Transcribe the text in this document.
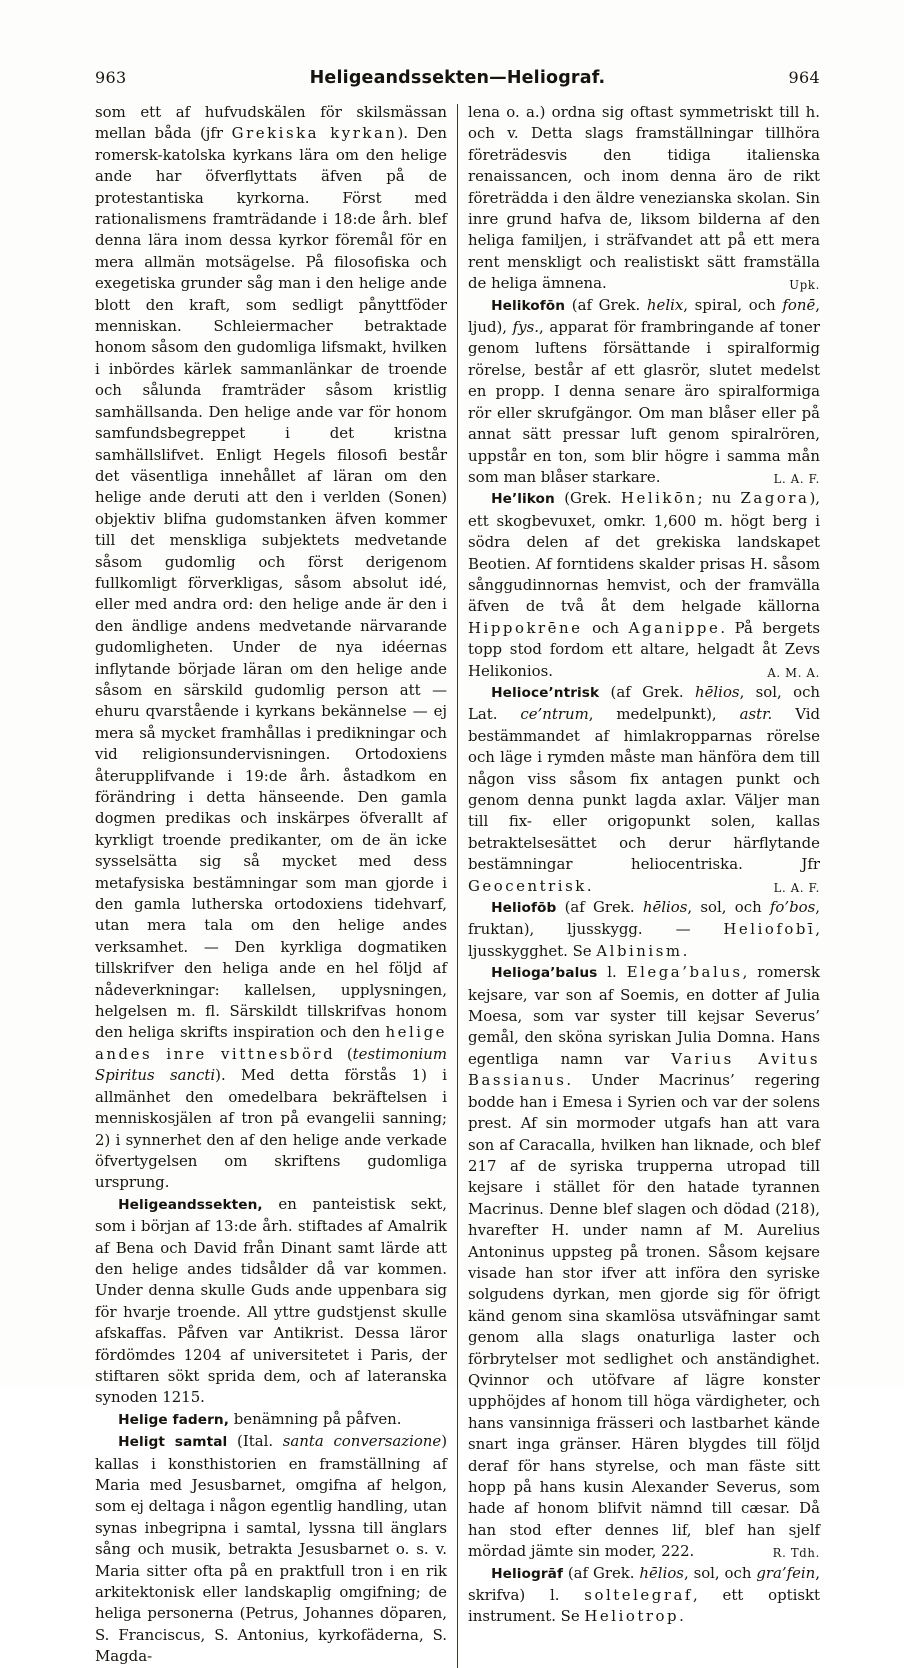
963	Heligeandssekten—Heliograf.	964

som ett af hufvudskälen för skilsmässan mellan båda (jfr Grekiska kyrkan). Den romersk-katolska kyrkans lära om den helige ande har öfverflyttats äfven på de protestantiska kyrkorna. Först med rationalismens framträdande i 18:de årh. blef denna lära inom dessa kyrkor föremål för en mera allmän motsägelse. På filosofiska och exegetiska grunder såg man i den helige ande blott den kraft, som sedligt pånyttföder menniskan. Schleiermacher betraktade honom såsom den gudomliga lifsmakt, hvilken i inbördes kärlek sammanlänkar de troende och sålunda framträder såsom kristlig samhällsanda. Den helige ande var för honom samfundsbegreppet i det kristna samhällslifvet. Enligt Hegels filosofi består det väsentliga innehållet af läran om den helige ande deruti att den i verlden (Sonen) objektiv blifna gudomstanken äfven kommer till det menskliga subjektets medvetande såsom gudomlig och först derigenom fullkomligt förverkligas, såsom absolut idé, eller med andra ord: den helige ande är den i den ändlige andens medvetande närvarande gudomligheten. Under de nya idéernas inflytande började läran om den helige ande såsom en särskild gudomlig person att — ehuru qvarstående i kyrkans bekännelse — ej mera så mycket framhållas i predikningar och vid religionsundervisningen. Ortodoxiens återupplifvande i 19:de årh. åstadkom en förändring i detta hänseende. Den gamla dogmen predikas och inskärpes öfverallt af kyrkligt troende predikanter, om de än icke sysselsätta sig så mycket med dess metafysiska bestämningar som man gjorde i den gamla lutherska ortodoxiens tidehvarf, utan mera tala om den helige andes verksamhet. — Den kyrkliga dogmatiken tillskrifver den heliga ande en hel följd af nådeverkningar: kallelsen, upplysningen, helgelsen m. fl. Särskildt tillskrifvas honom den heliga skrifts inspiration och den helige andes inre vittnesbörd (testimonium Spiritus sancti). Med detta förstås 1) i allmänhet den omedelbara bekräftelsen i menniskosjälen af tron på evangelii sanning; 2) i synnerhet den af den helige ande verkade öfvertygelsen om skriftens gudomliga ursprung.

Heligeandssekten, en panteistisk sekt, som i början af 13:de årh. stiftades af Amalrik af Bena och David från Dinant samt lärde att den helige andes tidsålder då var kommen. Under denna skulle Guds ande uppenbara sig för hvarje troende. All yttre gudstjenst skulle afskaffas. Påfven var Antikrist. Dessa läror fördömdes 1204 af universitetet i Paris, der stiftaren sökt sprida dem, och af lateranska synoden 1215.

Helige fadern, benämning på påfven.

Heligt samtal (Ital. santa conversazione) kallas i konsthistorien en framställning af Maria med Jesusbarnet, omgifna af helgon, som ej deltaga i någon egentlig handling, utan synas inbegripna i samtal, lyssna till änglars sång och musik, betrakta Jesusbarnet o. s. v. Maria sitter ofta på en praktfull tron i en rik arkitektonisk eller landskaplig omgifning; de heliga personerna (Petrus, Johannes döparen, S. Franciscus, S. Antonius, kyrkofäderna, S. Magda-

lena o. a.) ordna sig oftast symmetriskt till h. och v. Detta slags framställningar tillhöra företrädesvis den tidiga italienska renaissancen, och inom denna äro de rikt företrädda i den äldre venezianska skolan. Sin inre grund hafva de, liksom bilderna af den heliga familjen, i sträfvandet att på ett mera rent menskligt och realistiskt sätt framställa de heliga ämnena.	Upk.

Helikofōn (af Grek. helix, spiral, och fonē, ljud), fys., apparat för frambringande af toner genom luftens försättande i spiralformig rörelse, består af ett glasrör, slutet medelst en propp. I denna senare äro spiralformiga rör eller skrufgängor. Om man blåser eller på annat sätt pressar luft genom spiralrören, uppstår en ton, som blir högre i samma mån som man blåser starkare.	L. A. F.

He’likon (Grek. Helikōn; nu Zagora), ett skogbevuxet, omkr. 1,600 m. högt berg i södra delen af det grekiska landskapet Beotien. Af forntidens skalder prisas H. såsom sånggudinnornas hemvist, och der framvälla äfven de två åt dem helgade källorna Hippokrēne och Aganippe. På bergets topp stod fordom ett altare, helgadt åt Zevs Helikonios.	A. M. A.

Helioce’ntrisk (af Grek. hēlios, sol, och Lat. ce’ntrum, medelpunkt), astr. Vid bestämmandet af himlakropparnas rörelse och läge i rymden måste man hänföra dem till någon viss såsom fix antagen punkt och genom denna punkt lagda axlar. Väljer man till fix- eller origopunkt solen, kallas betraktelsesättet och derur härflytande bestämningar heliocentriska. Jfr Geocentrisk.	L. A. F.

Heliofōb (af Grek. hēlios, sol, och fo’bos, fruktan), ljusskygg. — Heliofobī, ljusskygghet. Se Albinism.

Helioga’balus l. Elega’balus, romersk kejsare, var son af Soemis, en dotter af Julia Moesa, som var syster till kejsar Severus’ gemål, den sköna syriskan Julia Domna. Hans egentliga namn var Varius Avitus Bassianus. Under Macrinus’ regering bodde han i Emesa i Syrien och var der solens prest. Af sin mormoder utgafs han att vara son af Caracalla, hvilken han liknade, och blef 217 af de syriska trupperna utropad till kejsare i stället för den hatade tyrannen Macrinus. Denne blef slagen och dödad (218), hvarefter H. under namn af M. Aurelius Antoninus uppsteg på tronen. Såsom kejsare visade han stor ifver att införa den syriske solgudens dyrkan, men gjorde sig för öfrigt känd genom sina skamlösa utsväfningar samt genom alla slags onaturliga laster och förbrytelser mot sedlighet och anständighet. Qvinnor och utöfvare af lägre konster upphöjdes af honom till höga värdigheter, och hans vansinniga frässeri och lastbarhet kände snart inga gränser. Hären blygdes till följd deraf för hans styrelse, och man fäste sitt hopp på hans kusin Alexander Severus, som hade af honom blifvit nämnd till cæsar. Då han stod efter dennes lif, blef han sjelf mördad jämte sin moder, 222.	R. Tdh.

Heliogrāf (af Grek. hēlios, sol, och gra’fein, skrifva) l. soltelegraf, ett optiskt instrument. Se Heliotrop.
